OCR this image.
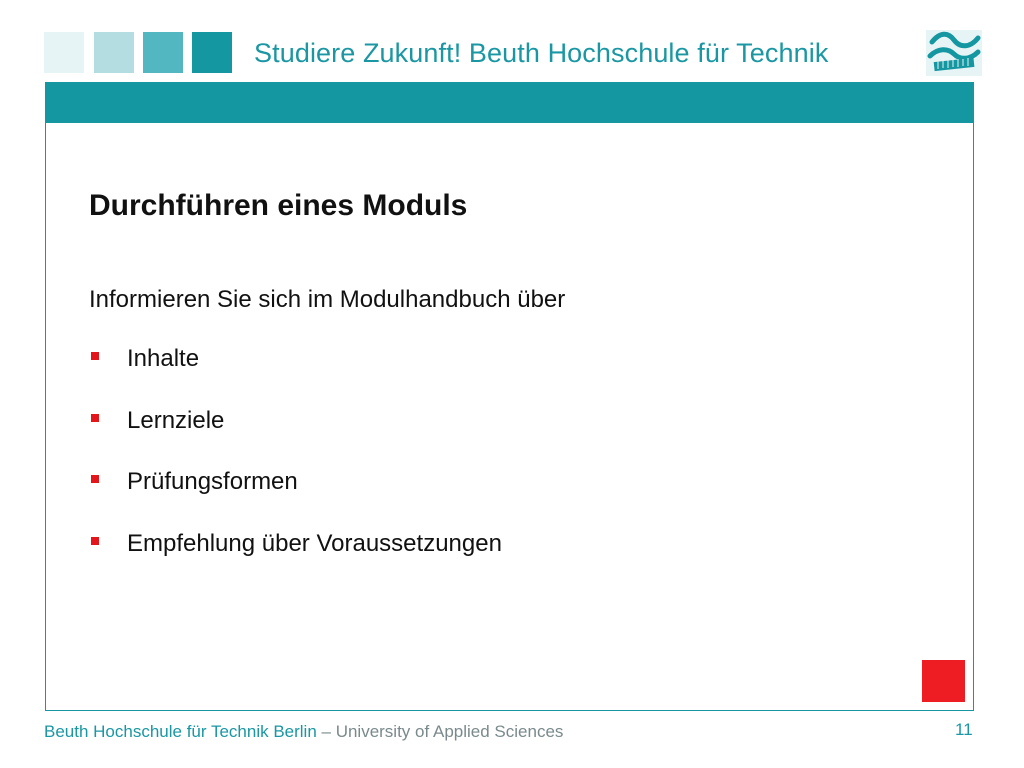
Studiere Zukunft! Beuth Hochschule für Technik
Durchführen eines Moduls
Informieren Sie sich im Modulhandbuch über
Inhalte
Lernziele
Prüfungsformen
Empfehlung über Voraussetzungen
Beuth Hochschule für Technik Berlin – University of Applied Sciences	11
